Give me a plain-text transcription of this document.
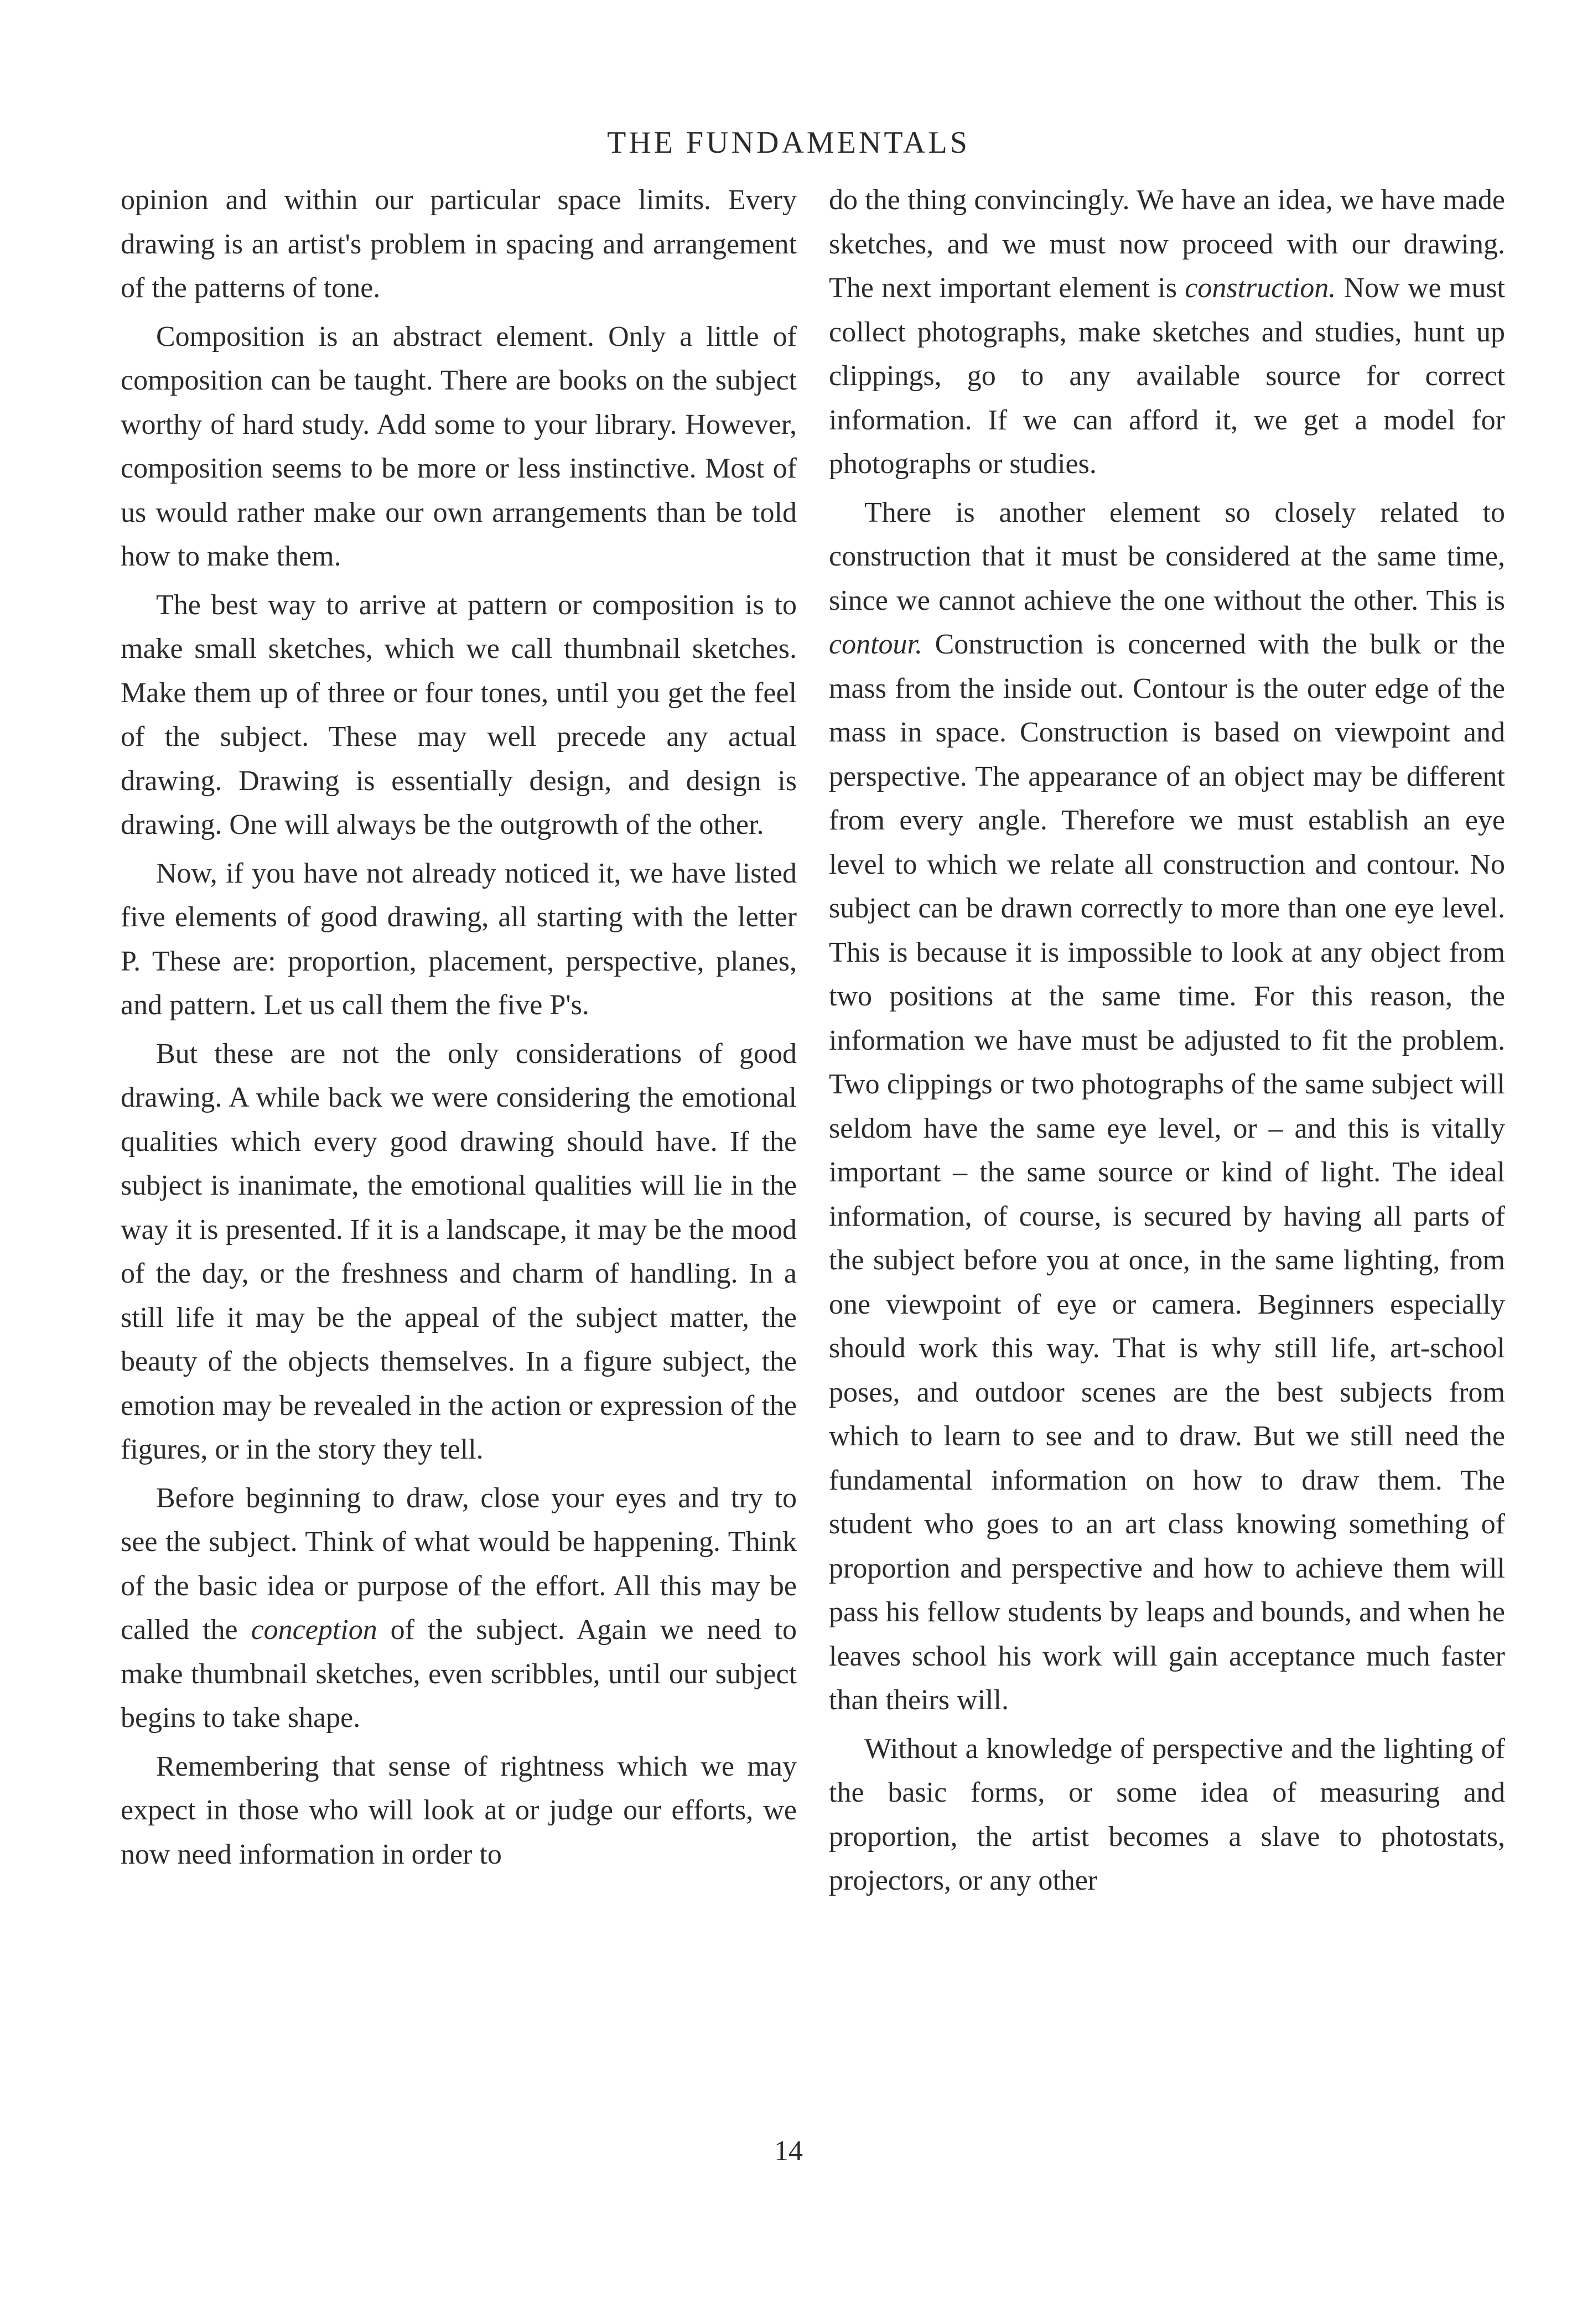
THE FUNDAMENTALS

opinion and within our particular space limits. Every drawing is an artist's problem in spacing and arrangement of the patterns of tone.

Composition is an abstract element. Only a little of composition can be taught. There are books on the subject worthy of hard study. Add some to your library. However, composition seems to be more or less instinctive. Most of us would rather make our own arrangements than be told how to make them.

The best way to arrive at pattern or composition is to make small sketches, which we call thumbnail sketches. Make them up of three or four tones, until you get the feel of the subject. These may well precede any actual drawing. Drawing is essentially design, and design is drawing. One will always be the outgrowth of the other.

Now, if you have not already noticed it, we have listed five elements of good drawing, all starting with the letter P. These are: proportion, placement, perspective, planes, and pattern. Let us call them the five P's.

But these are not the only considerations of good drawing. A while back we were considering the emotional qualities which every good drawing should have. If the subject is inanimate, the emotional qualities will lie in the way it is presented. If it is a landscape, it may be the mood of the day, or the freshness and charm of handling. In a still life it may be the appeal of the subject matter, the beauty of the objects themselves. In a figure subject, the emotion may be revealed in the action or expression of the figures, or in the story they tell.

Before beginning to draw, close your eyes and try to see the subject. Think of what would be happening. Think of the basic idea or purpose of the effort. All this may be called the conception of the subject. Again we need to make thumbnail sketches, even scribbles, until our subject begins to take shape.

Remembering that sense of rightness which we may expect in those who will look at or judge our efforts, we now need information in order to

do the thing convincingly. We have an idea, we have made sketches, and we must now proceed with our drawing. The next important element is construction. Now we must collect photographs, make sketches and studies, hunt up clippings, go to any available source for correct information. If we can afford it, we get a model for photographs or studies.

There is another element so closely related to construction that it must be considered at the same time, since we cannot achieve the one without the other. This is contour. Construction is concerned with the bulk or the mass from the inside out. Contour is the outer edge of the mass in space. Construction is based on viewpoint and perspective. The appearance of an object may be different from every angle. Therefore we must establish an eye level to which we relate all construction and contour. No subject can be drawn correctly to more than one eye level. This is because it is impossible to look at any object from two positions at the same time. For this reason, the information we have must be adjusted to fit the problem. Two clippings or two photographs of the same subject will seldom have the same eye level, or – and this is vitally important – the same source or kind of light. The ideal information, of course, is secured by having all parts of the subject before you at once, in the same lighting, from one viewpoint of eye or camera. Beginners especially should work this way. That is why still life, art-school poses, and outdoor scenes are the best subjects from which to learn to see and to draw. But we still need the fundamental information on how to draw them. The student who goes to an art class knowing something of proportion and perspective and how to achieve them will pass his fellow students by leaps and bounds, and when he leaves school his work will gain acceptance much faster than theirs will.

Without a knowledge of perspective and the lighting of the basic forms, or some idea of measuring and proportion, the artist becomes a slave to photostats, projectors, or any other

14
